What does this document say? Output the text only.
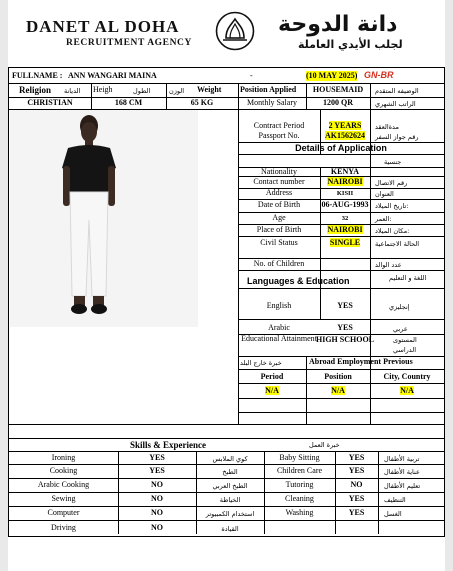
DANET AL DOHA
RECRUITMENT AGENCY
دانة الدوحة
لجلب الأيدي العاملة
FULLNAME : ANN WANGARI MAINA	-	(10 MAY 2025) GN-BR
Religion الديانة Heigh	الطول	الوزن Weight Position Applied	HOUSEMAID	الوضيفه المتقدم
CHRISTIAN	168 CM	65 KG	Monthly Salary	1200 QR	الراتب الشهري
Contract Period	2 YEARS	مدةالعقد
Passport No.	AK1562624	رقم جواز السفر
Details of Application
جنسية
Nationality	KENYA
Contact number	NAIROBI	رقم الاتصال
Address	KISII	العنوان
Date of Birth	06-AUG-1993 تاريخ الميلاد:
Age	32	العمر:
Place of Birth	NAIROBI	مكان الميلاد:
Civil Status	SINGLE	الحالة الاجتماعية
No. of Children	عدد الوالد
Languages & Education	اللغة و التعليم
English	YES	إنجليزي
Arabic	YES	عربي
Educational Attainment HIGH SCHOOL	المستوى الدراسي
خبرة خارج البلد	Abroad Employment Previous
Period	Position	City, Country
N/A	N/A	N/A
Skills & Experience	خبرة العمل
Ironing	YES	كوي الملابس
Cooking	YES	الطبخ
Arabic Cooking	NO	الطبخ العربي
Sewing	NO	الخياطة
Computer	NO	استخدام الكمبيوتر
Driving	NO	القيادة
Baby Sitting	YES	تربية الأطفال
Children Care	YES	عناية الأطفال
Tutoring	NO	تعليم الأطفال
Cleaning	YES	التنظيف
Washing	YES	الغسل
